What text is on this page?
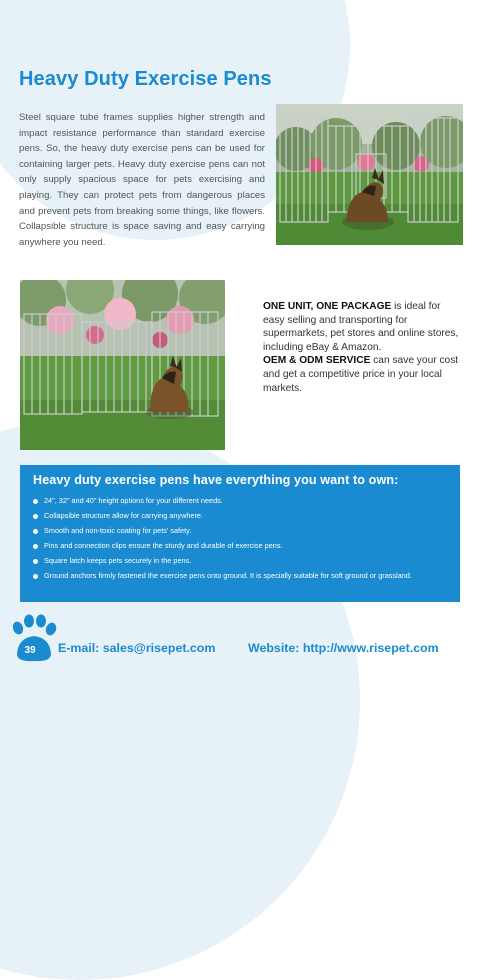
Heavy Duty Exercise Pens

Steel square tube frames supplies higher strength and impact resistance performance than standard exercise pens. So, the heavy duty exercise pens can be used for containing larger pets. Heavy duty exercise pens can not only supply spacious space for pets exercising and playing. They can protect pets from dangerous places and prevent pets from breaking some things, like flowers. Collapsible structure is space saving and easy carrying anywhere you need.

ONE UNIT, ONE PACKAGE is ideal for easy selling and transporting for supermarkets, pet stores and online stores, including eBay & Amazon.
OEM & ODM SERVICE can save your cost and get a competitive price in your local markets.
Heavy duty exercise pens have everything you want to own:
24", 32" and 40" height options for your different needs.
Collapsible structure allow for carrying anywhere.
Smooth and non-toxic coating for pets' safety.
Pins and connection clips ensure the sturdy and durable of exercise pens.
Square latch keeps pets securely in the pens.
Ground anchors firmly fastened the exercise pens onto ground. It is specially suitable for soft ground or grassland.
39	E-mail: sales@risepet.com	Website: http://www.risepet.com
